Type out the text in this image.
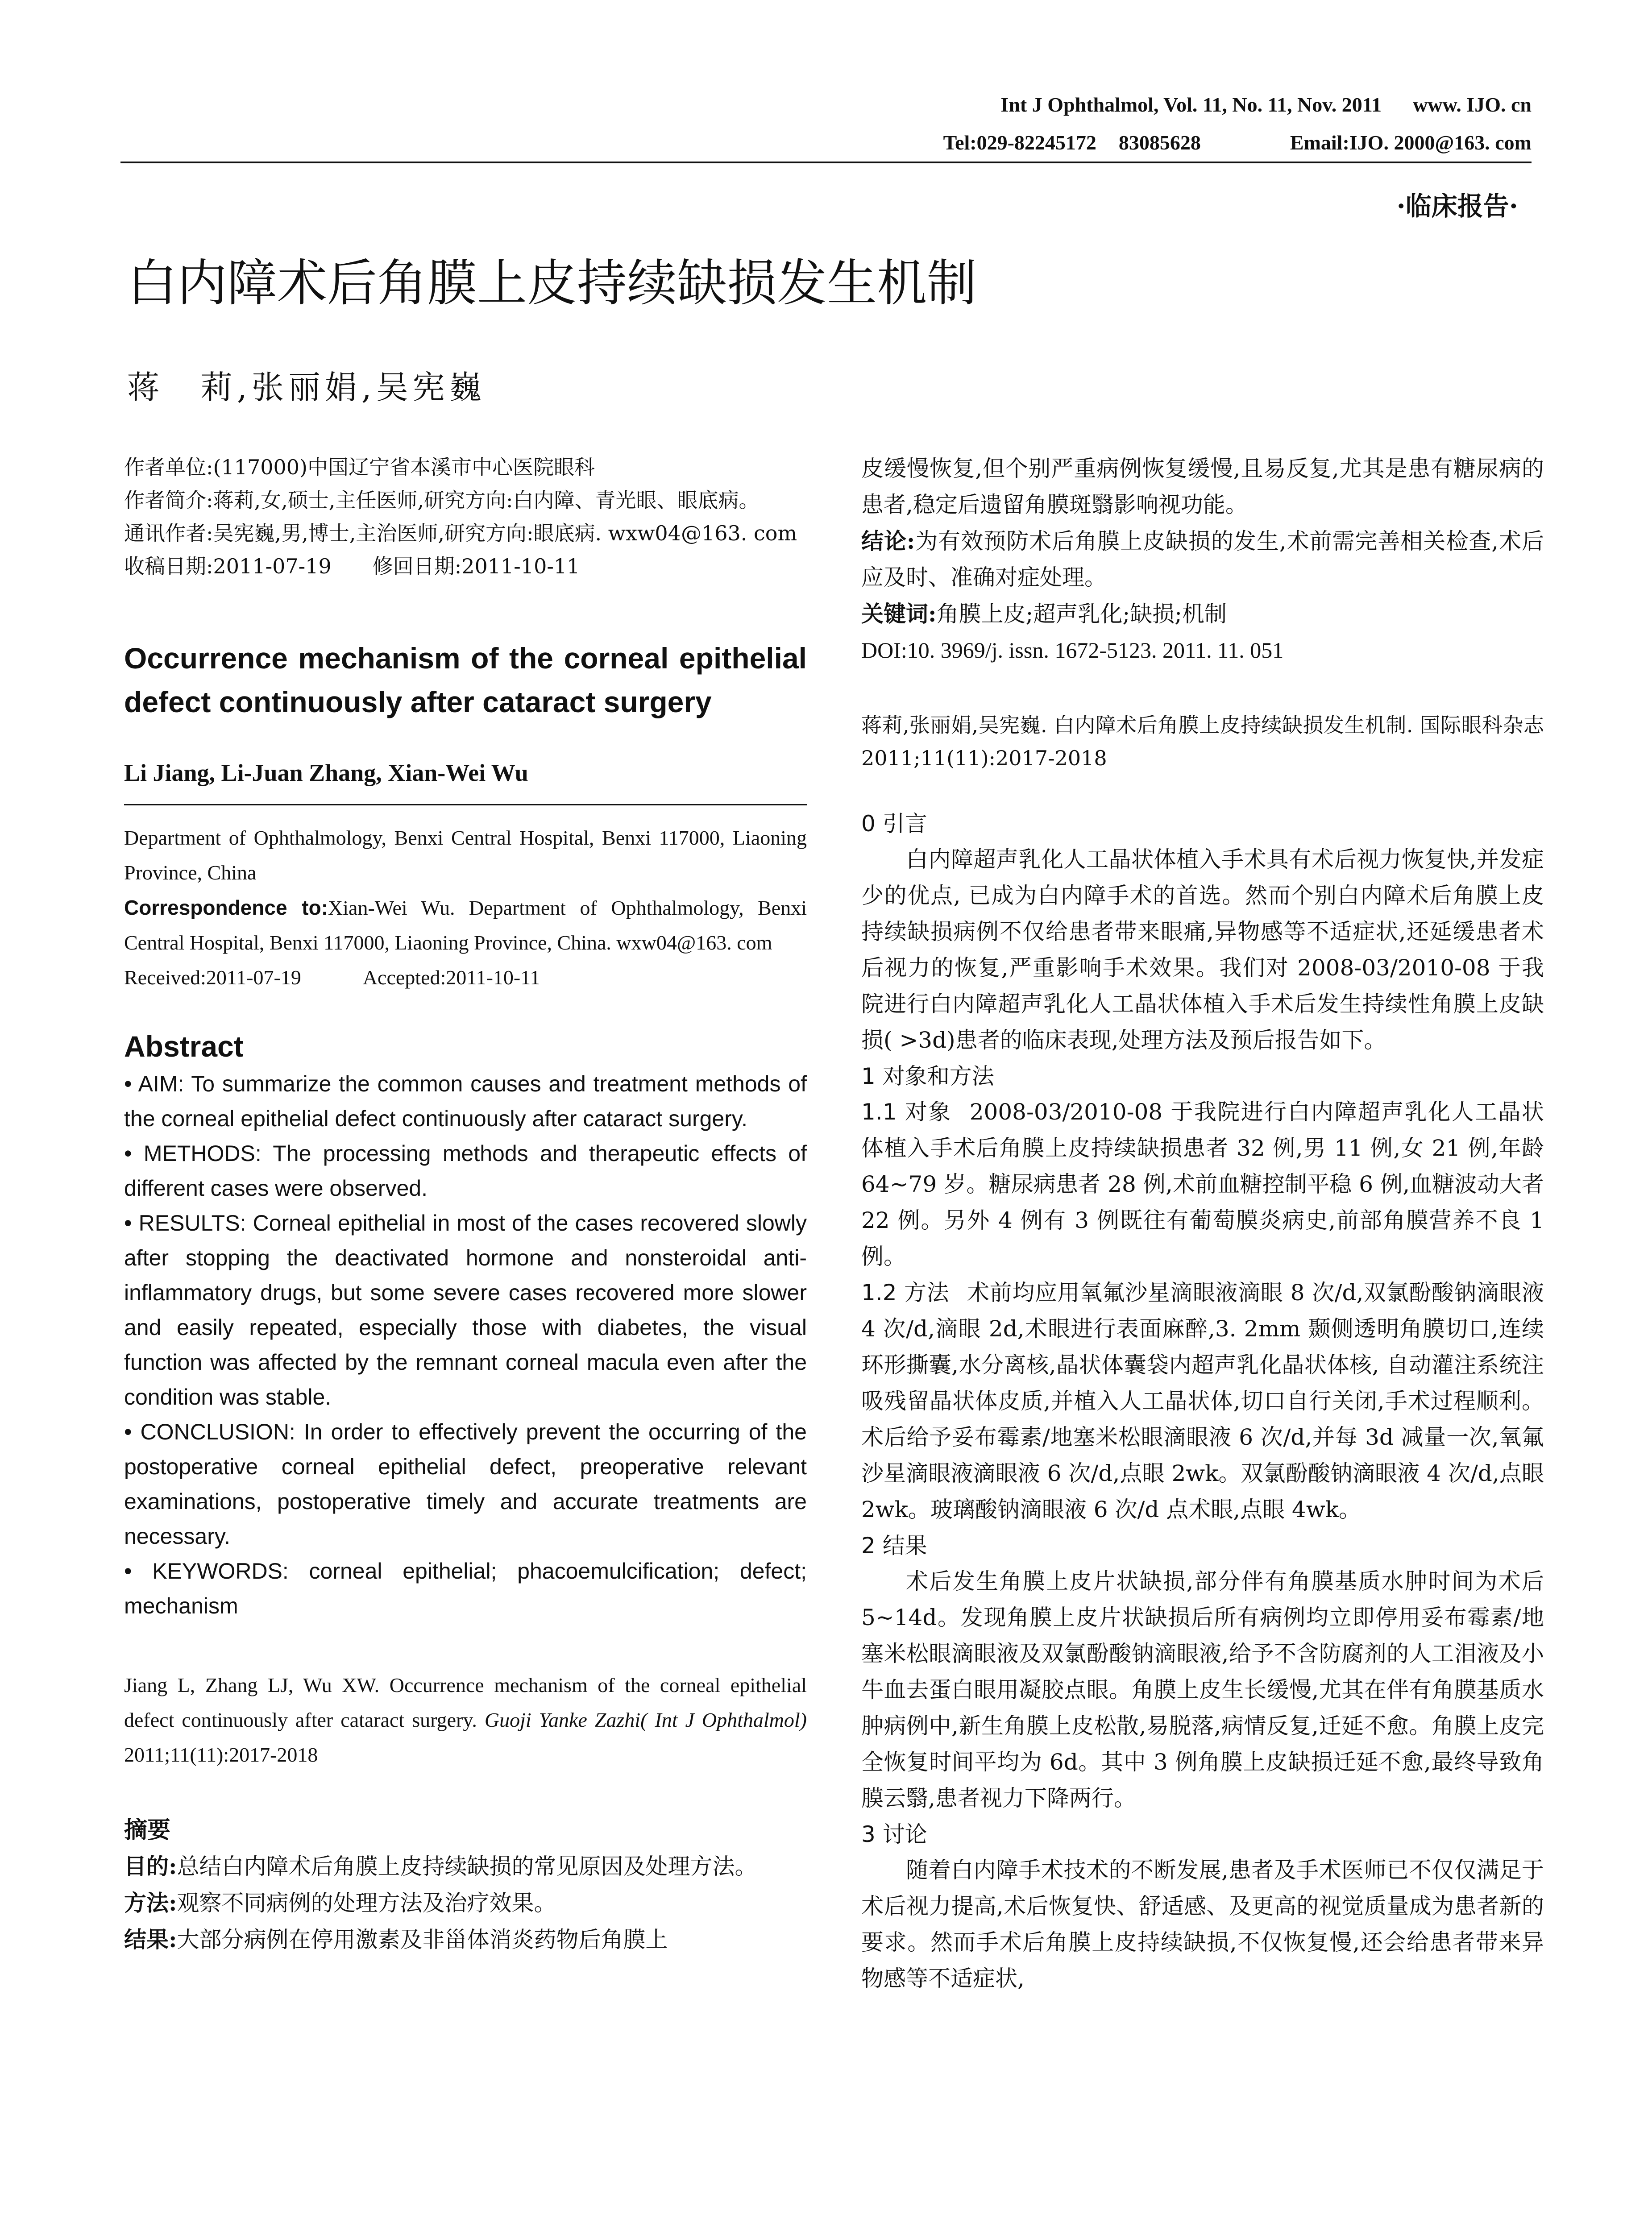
Int J Ophthalmol, Vol. 11, No. 11, Nov. 2011 www. IJO. cn
Tel:029-82245172 83085628	Email:IJO. 2000@163. com
·临床报告·
白内障术后角膜上皮持续缺损发生机制
蒋　莉,张丽娟,吴宪巍

作者单位:(117000)中国辽宁省本溪市中心医院眼科

作者简介:蒋莉,女,硕士,主任医师,研究方向:白内障、青光眼、眼底病。

通讯作者:吴宪巍,男,博士,主治医师,研究方向:眼底病. wxw04@163. com

收稿日期:2011-07-19　　修回日期:2011-10-11

Occurrence mechanism of the corneal epithelial defect continuously after cataract surgery

Li Jiang, Li-Juan Zhang, Xian-Wei Wu

Department of Ophthalmology, Benxi Central Hospital, Benxi 117000, Liaoning Province, China

Correspondence to:Xian-Wei Wu. Department of Ophthalmology, Benxi Central Hospital, Benxi 117000, Liaoning Province, China. wxw04@163. com

Received:2011-07-19　　　Accepted:2011-10-11

Abstract

• AIM: To summarize the common causes and treatment methods of the corneal epithelial defect continuously after cataract surgery.

• METHODS: The processing methods and therapeutic effects of different cases were observed.

• RESULTS: Corneal epithelial in most of the cases recovered slowly after stopping the deactivated hormone and nonsteroidal anti-inflammatory drugs, but some severe cases recovered more slower and easily repeated, especially those with diabetes, the visual function was affected by the remnant corneal macula even after the condition was stable.

• CONCLUSION: In order to effectively prevent the occurring of the postoperative corneal epithelial defect, preoperative relevant examinations, postoperative timely and accurate treatments are necessary.

• KEYWORDS: corneal epithelial; phacoemulcification; defect; mechanism

Jiang L, Zhang LJ, Wu XW. Occurrence mechanism of the corneal epithelial defect continuously after cataract surgery. Guoji Yanke Zazhi( Int J Ophthalmol) 2011;11(11):2017-2018

摘要

目的:总结白内障术后角膜上皮持续缺损的常见原因及处理方法。

方法:观察不同病例的处理方法及治疗效果。

结果:大部分病例在停用激素及非甾体消炎药物后角膜上

皮缓慢恢复,但个别严重病例恢复缓慢,且易反复,尤其是患有糖尿病的患者,稳定后遗留角膜斑翳影响视功能。

结论:为有效预防术后角膜上皮缺损的发生,术前需完善相关检查,术后应及时、准确对症处理。

关键词:角膜上皮;超声乳化;缺损;机制

DOI:10. 3969/j. issn. 1672-5123. 2011. 11. 051

蒋莉,张丽娟,吴宪巍. 白内障术后角膜上皮持续缺损发生机制. 国际眼科杂志 2011;11(11):2017-2018

0 引言

白内障超声乳化人工晶状体植入手术具有术后视力恢复快,并发症少的优点, 已成为白内障手术的首选。然而个别白内障术后角膜上皮持续缺损病例不仅给患者带来眼痛,异物感等不适症状,还延缓患者术后视力的恢复,严重影响手术效果。我们对 2008-03/2010-08 于我院进行白内障超声乳化人工晶状体植入手术后发生持续性角膜上皮缺损( >3d)患者的临床表现,处理方法及预后报告如下。

1 对象和方法

1.1 对象 2008-03/2010-08 于我院进行白内障超声乳化人工晶状体植入手术后角膜上皮持续缺损患者 32 例,男 11 例,女 21 例,年龄 64~79 岁。糖尿病患者 28 例,术前血糖控制平稳 6 例,血糖波动大者 22 例。另外 4 例有 3 例既往有葡萄膜炎病史,前部角膜营养不良 1 例。

1.2 方法 术前均应用氧氟沙星滴眼液滴眼 8 次/d,双氯酚酸钠滴眼液 4 次/d,滴眼 2d,术眼进行表面麻醉,3. 2mm 颞侧透明角膜切口,连续环形撕囊,水分离核,晶状体囊袋内超声乳化晶状体核, 自动灌注系统注吸残留晶状体皮质,并植入人工晶状体,切口自行关闭,手术过程顺利。术后给予妥布霉素/地塞米松眼滴眼液 6 次/d,并每 3d 减量一次,氧氟沙星滴眼液滴眼液 6 次/d,点眼 2wk。双氯酚酸钠滴眼液 4 次/d,点眼 2wk。玻璃酸钠滴眼液 6 次/d 点术眼,点眼 4wk。

2 结果

术后发生角膜上皮片状缺损,部分伴有角膜基质水肿时间为术后 5~14d。发现角膜上皮片状缺损后所有病例均立即停用妥布霉素/地塞米松眼滴眼液及双氯酚酸钠滴眼液,给予不含防腐剂的人工泪液及小牛血去蛋白眼用凝胶点眼。角膜上皮生长缓慢,尤其在伴有角膜基质水肿病例中,新生角膜上皮松散,易脱落,病情反复,迁延不愈。角膜上皮完全恢复时间平均为 6d。其中 3 例角膜上皮缺损迁延不愈,最终导致角膜云翳,患者视力下降两行。

3 讨论

随着白内障手术技术的不断发展,患者及手术医师已不仅仅满足于术后视力提高,术后恢复快、舒适感、及更高的视觉质量成为患者新的要求。然而手术后角膜上皮持续缺损,不仅恢复慢,还会给患者带来异物感等不适症状,
